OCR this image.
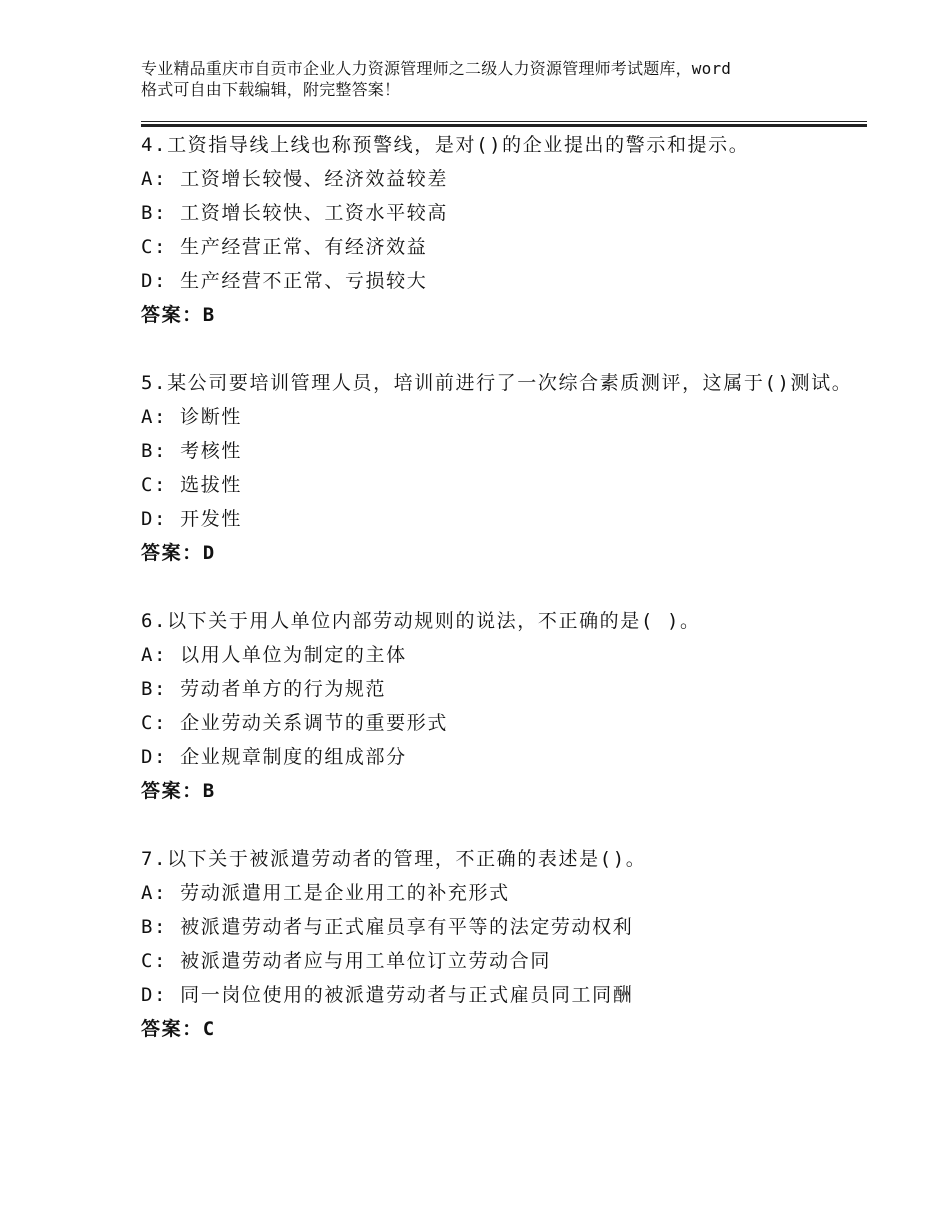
专业精品重庆市自贡市企业人力资源管理师之二级人力资源管理师考试题库，word
格式可自由下载编辑，附完整答案！
4.工资指导线上线也称预警线，是对()的企业提出的警示和提示。
A: 工资增长较慢、经济效益较差
B: 工资增长较快、工资水平较高
C: 生产经营正常、有经济效益
D: 生产经营不正常、亏损较大
答案：B
5.某公司要培训管理人员，培训前进行了一次综合素质测评，这属于()测试。
A: 诊断性
B: 考核性
C: 选拔性
D: 开发性
答案：D
6.以下关于用人单位内部劳动规则的说法，不正确的是( )。
A: 以用人单位为制定的主体
B: 劳动者单方的行为规范
C: 企业劳动关系调节的重要形式
D: 企业规章制度的组成部分
答案：B
7.以下关于被派遣劳动者的管理，不正确的表述是()。
A: 劳动派遣用工是企业用工的补充形式
B: 被派遣劳动者与正式雇员享有平等的法定劳动权利
C: 被派遣劳动者应与用工单位订立劳动合同
D: 同一岗位使用的被派遣劳动者与正式雇员同工同酬
答案：C
